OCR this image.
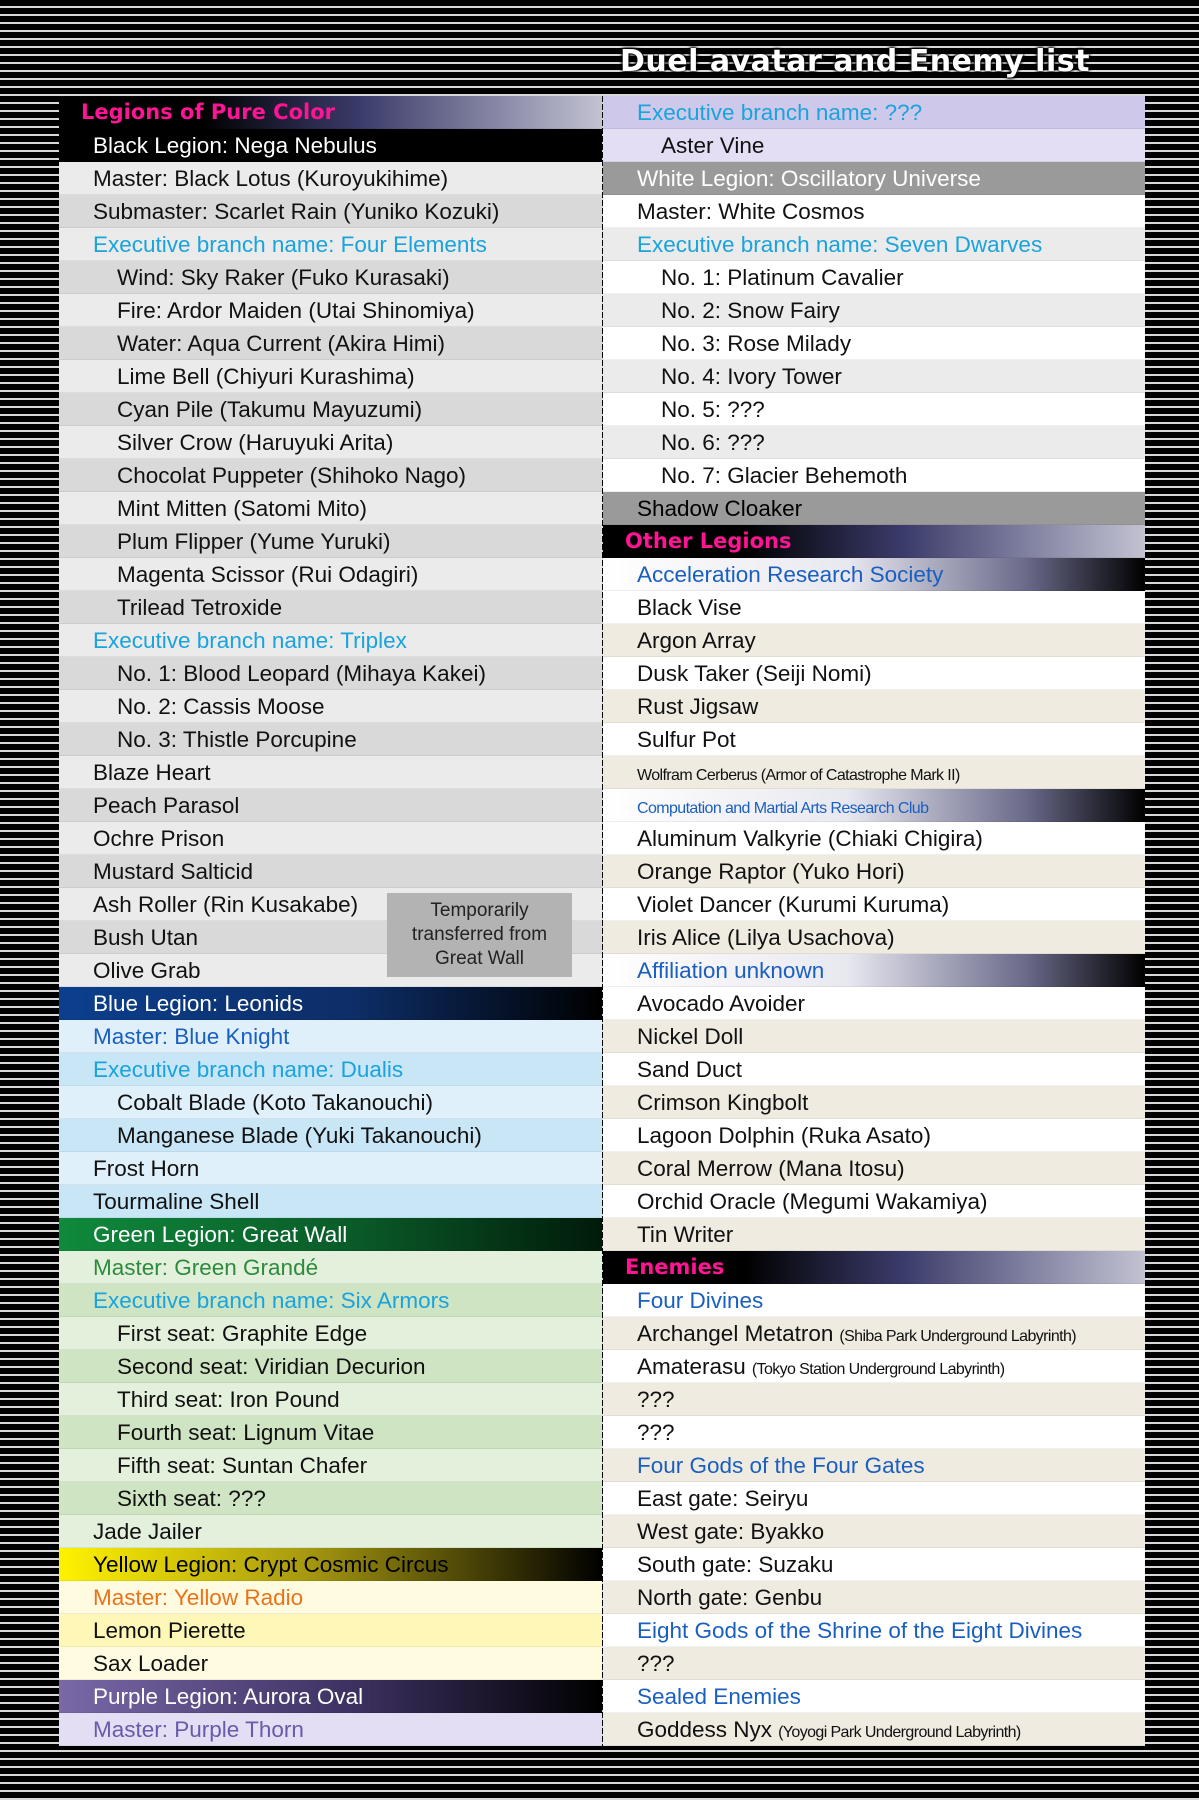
Duel avatar and Enemy list
Legions of Pure Color
Black Legion: Nega Nebulus
Master: Black Lotus (Kuroyukihime)
Submaster: Scarlet Rain (Yuniko Kozuki)
Executive branch name: Four Elements
Wind: Sky Raker (Fuko Kurasaki)
Fire: Ardor Maiden (Utai Shinomiya)
Water: Aqua Current (Akira Himi)
Lime Bell (Chiyuri Kurashima)
Cyan Pile (Takumu Mayuzumi)
Silver Crow (Haruyuki Arita)
Chocolat Puppeter (Shihoko Nago)
Mint Mitten (Satomi Mito)
Plum Flipper (Yume Yuruki)
Magenta Scissor (Rui Odagiri)
Trilead Tetroxide
Executive branch name: Triplex
No. 1: Blood Leopard (Mihaya Kakei)
No. 2: Cassis Moose
No. 3: Thistle Porcupine
Blaze Heart
Peach Parasol
Ochre Prison
Mustard Salticid
Ash Roller (Rin Kusakabe)
Bush Utan
Olive Grab
Blue Legion: Leonids
Master: Blue Knight
Executive branch name: Dualis
Cobalt Blade (Koto Takanouchi)
Manganese Blade (Yuki Takanouchi)
Frost Horn
Tourmaline Shell
Green Legion: Great Wall
Master: Green Grandé
Executive branch name: Six Armors
First seat: Graphite Edge
Second seat: Viridian Decurion
Third seat: Iron Pound
Fourth seat: Lignum Vitae
Fifth seat: Suntan Chafer
Sixth seat: ???
Jade Jailer
Yellow Legion: Crypt Cosmic Circus
Master: Yellow Radio
Lemon Pierette
Sax Loader
Purple Legion: Aurora Oval
Master: Purple Thorn
Executive branch name: ???
Aster Vine
White Legion: Oscillatory Universe
Master: White Cosmos
Executive branch name: Seven Dwarves
No. 1: Platinum Cavalier
No. 2: Snow Fairy
No. 3: Rose Milady
No. 4: Ivory Tower
No. 5: ???
No. 6: ???
No. 7: Glacier Behemoth
Shadow Cloaker
Other Legions
Acceleration Research Society
Black Vise
Argon Array
Dusk Taker (Seiji Nomi)
Rust Jigsaw
Sulfur Pot
Wolfram Cerberus (Armor of Catastrophe Mark II)
Computation and Martial Arts Research Club
Aluminum Valkyrie (Chiaki Chigira)
Orange Raptor (Yuko Hori)
Violet Dancer (Kurumi Kuruma)
Iris Alice (Lilya Usachova)
Affiliation unknown
Avocado Avoider
Nickel Doll
Sand Duct
Crimson Kingbolt
Lagoon Dolphin (Ruka Asato)
Coral Merrow (Mana Itosu)
Orchid Oracle (Megumi Wakamiya)
Tin Writer
Enemies
Four Divines
Archangel Metatron (Shiba Park Underground Labyrinth)
Amaterasu (Tokyo Station Underground Labyrinth)
???
???
Four Gods of the Four Gates
East gate: Seiryu
West gate: Byakko
South gate: Suzaku
North gate: Genbu
Eight Gods of the Shrine of the Eight Divines
???
Sealed Enemies
Goddess Nyx (Yoyogi Park Underground Labyrinth)
Temporarily
transferred from
Great Wall
